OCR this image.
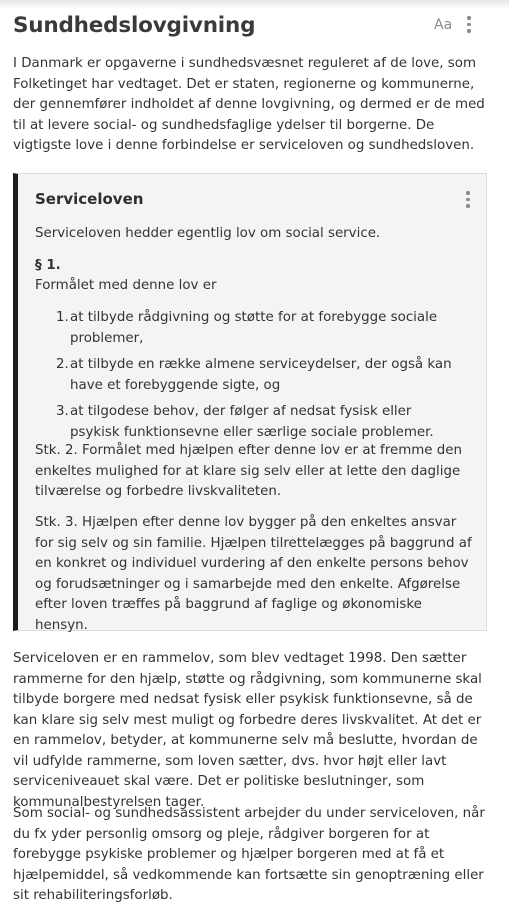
Sundhedslovgivning	Aa

I Danmark er opgaverne i sundhedsvæsnet reguleret af de love, som Folketinget har vedtaget. Det er staten, regionerne og kommunerne, der gennemfører indholdet af denne lovgivning, og dermed er de med til at levere social- og sundhedsfaglige ydelser til borgerne. De vigtigste love i denne forbindelse er serviceloven og sundhedsloven.

Serviceloven

Serviceloven hedder egentlig lov om social service.

§ 1.

Formålet med denne lov er

1. at tilbyde rådgivning og støtte for at forebygge sociale problemer,
2. at tilbyde en række almene serviceydelser, der også kan have et forebyggende sigte, og
3. at tilgodese behov, der følger af nedsat fysisk eller psykisk funktionsevne eller særlige sociale problemer.

Stk. 2. Formålet med hjælpen efter denne lov er at fremme den enkeltes mulighed for at klare sig selv eller at lette den daglige tilværelse og forbedre livskvaliteten.

Stk. 3. Hjælpen efter denne lov bygger på den enkeltes ansvar for sig selv og sin familie. Hjælpen tilrettelægges på baggrund af en konkret og individuel vurdering af den enkelte persons behov og forudsætninger og i samarbejde med den enkelte. Afgørelse efter loven træffes på baggrund af faglige og økonomiske hensyn.

Serviceloven er en rammelov, som blev vedtaget 1998. Den sætter rammerne for den hjælp, støtte og rådgivning, som kommunerne skal tilbyde borgere med nedsat fysisk eller psykisk funktionsevne, så de kan klare sig selv mest muligt og forbedre deres livskvalitet. At det er en rammelov, betyder, at kommunerne selv må beslutte, hvordan de vil udfylde rammerne, som loven sætter, dvs. hvor højt eller lavt serviceniveauet skal være. Det er politiske beslutninger, som kommunalbestyrelsen tager.

Som social- og sundhedsassistent arbejder du under serviceloven, når du fx yder personlig omsorg og pleje, rådgiver borgeren for at forebygge psykiske problemer og hjælper borgeren med at få et hjælpemiddel, så vedkommende kan fortsætte sin genoptræning eller sit rehabiliteringsforløb.
